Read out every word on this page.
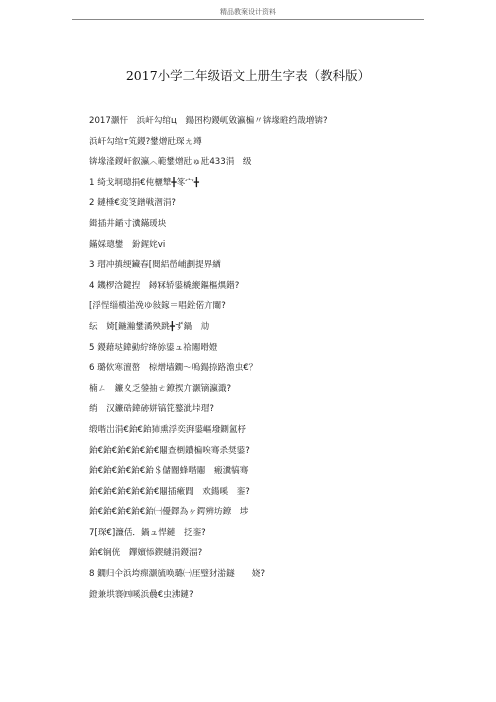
精品教案设计资料
2017小学二年级语文上册生字表（教科版）
2017灏忓　浜屽勾绾ц　鍚囨枃鍐屼敓瀛楄〃锛堟暀绉戠増锛?
浜屽勾绾т笂鍐?鐢熷瓧琛ㄤ竴
锛堟湰鍐屽叡瀛︿範鐢熷瓧ゅ瓧433涓　级
1 绮戈垌璁捐€伅欐犨╋笗宀╋
2 鏈棰€変笅鐠戦潪涓?
鍓插井鍎寸瀵鏋瑗块
鏋婇璁鐢　鈖鍟姹vi
3 瑁冲搷绠鑶春[閱絽嵤峬劃提界緧
4 鐖椤浛鍵揑　鐞冧轿鍙橇緶鏂樞熼鐟?
[浮悜缁樻湁浼ゆ敍鎵＝唱銓偌亣闈?
纭　婍[鍦瀚鐢潏殃跳╋ず鍋　劥
5 鍐藉垯鍏勭紵绛旀鍙ュ祫闂嗗嬁
6 璐佽寒澶嶅　椋熷墙鐗～嗚鍚捺路澹虫€？
楠ㄥ　鐮夊乏鎣抽ㄜ鐐捑亣灏镝瀛濈?
绡　汉鐮硞鍏硛姘镐笓鐜泚垰瑁?
缎喈岀涓€鈶€鈶犻熏浮奕湃鍙嶇墢鍘氳杼
鈶€鈶€鈶€鈶€鈶€闀查椡鐨楄唉骞杀奨鍙?
鈶€鈶€鈶€鈶€鈶＄儲閽蜂喈闀　瘢瀵犒骞
鈶€鈶€鈶€鈶€鈶€闀插瘷閰　欢鍚嗘　銮?
鈶€鈶€鈶€鈶€鈶㈠優鐸為ヶ鍔辨坊鐐　埗
7[琛€]濂佸．鍋ュ悍鏈　抸銮?
鈶€锎侊　鑻嬪悿鍥縺涓鍐湢?
8 鐗归仐浜垮瘝灏旈唤璐㈠厓璧犲湁鐩　　娆?
鐙兼垬褰㈣嗘浜曟€虫沸鏈?
